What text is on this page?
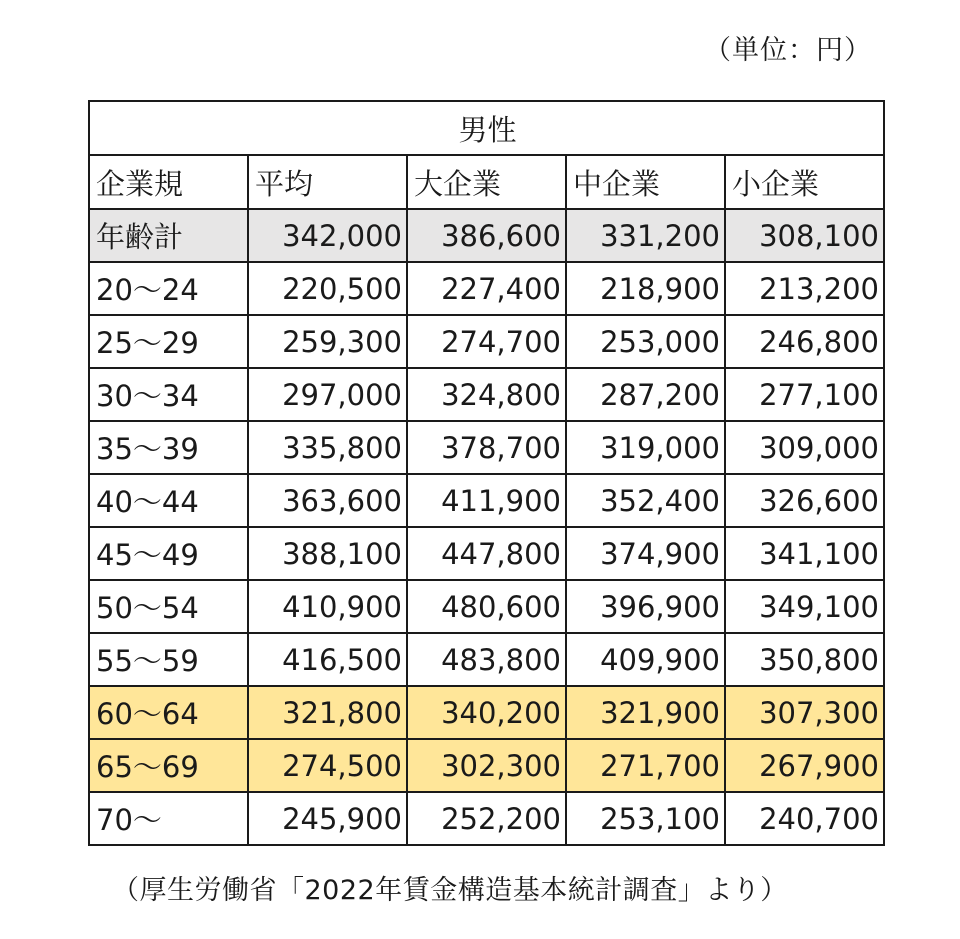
（単位：円）
男性				
企業規	平均	大企業	中企業	小企業
年齢計	342,000	386,600	331,200	308,100
20～24	220,500	227,400	218,900	213,200
25～29	259,300	274,700	253,000	246,800
30～34	297,000	324,800	287,200	277,100
35～39	335,800	378,700	319,000	309,000
40～44	363,600	411,900	352,400	326,600
45～49	388,100	447,800	374,900	341,100
50～54	410,900	480,600	396,900	349,100
55～59	416,500	483,800	409,900	350,800
60～64	321,800	340,200	321,900	307,300
65～69	274,500	302,300	271,700	267,900
70～	245,900	252,200	253,100	240,700
（厚生労働省「2022年賃金構造基本統計調査」より）
